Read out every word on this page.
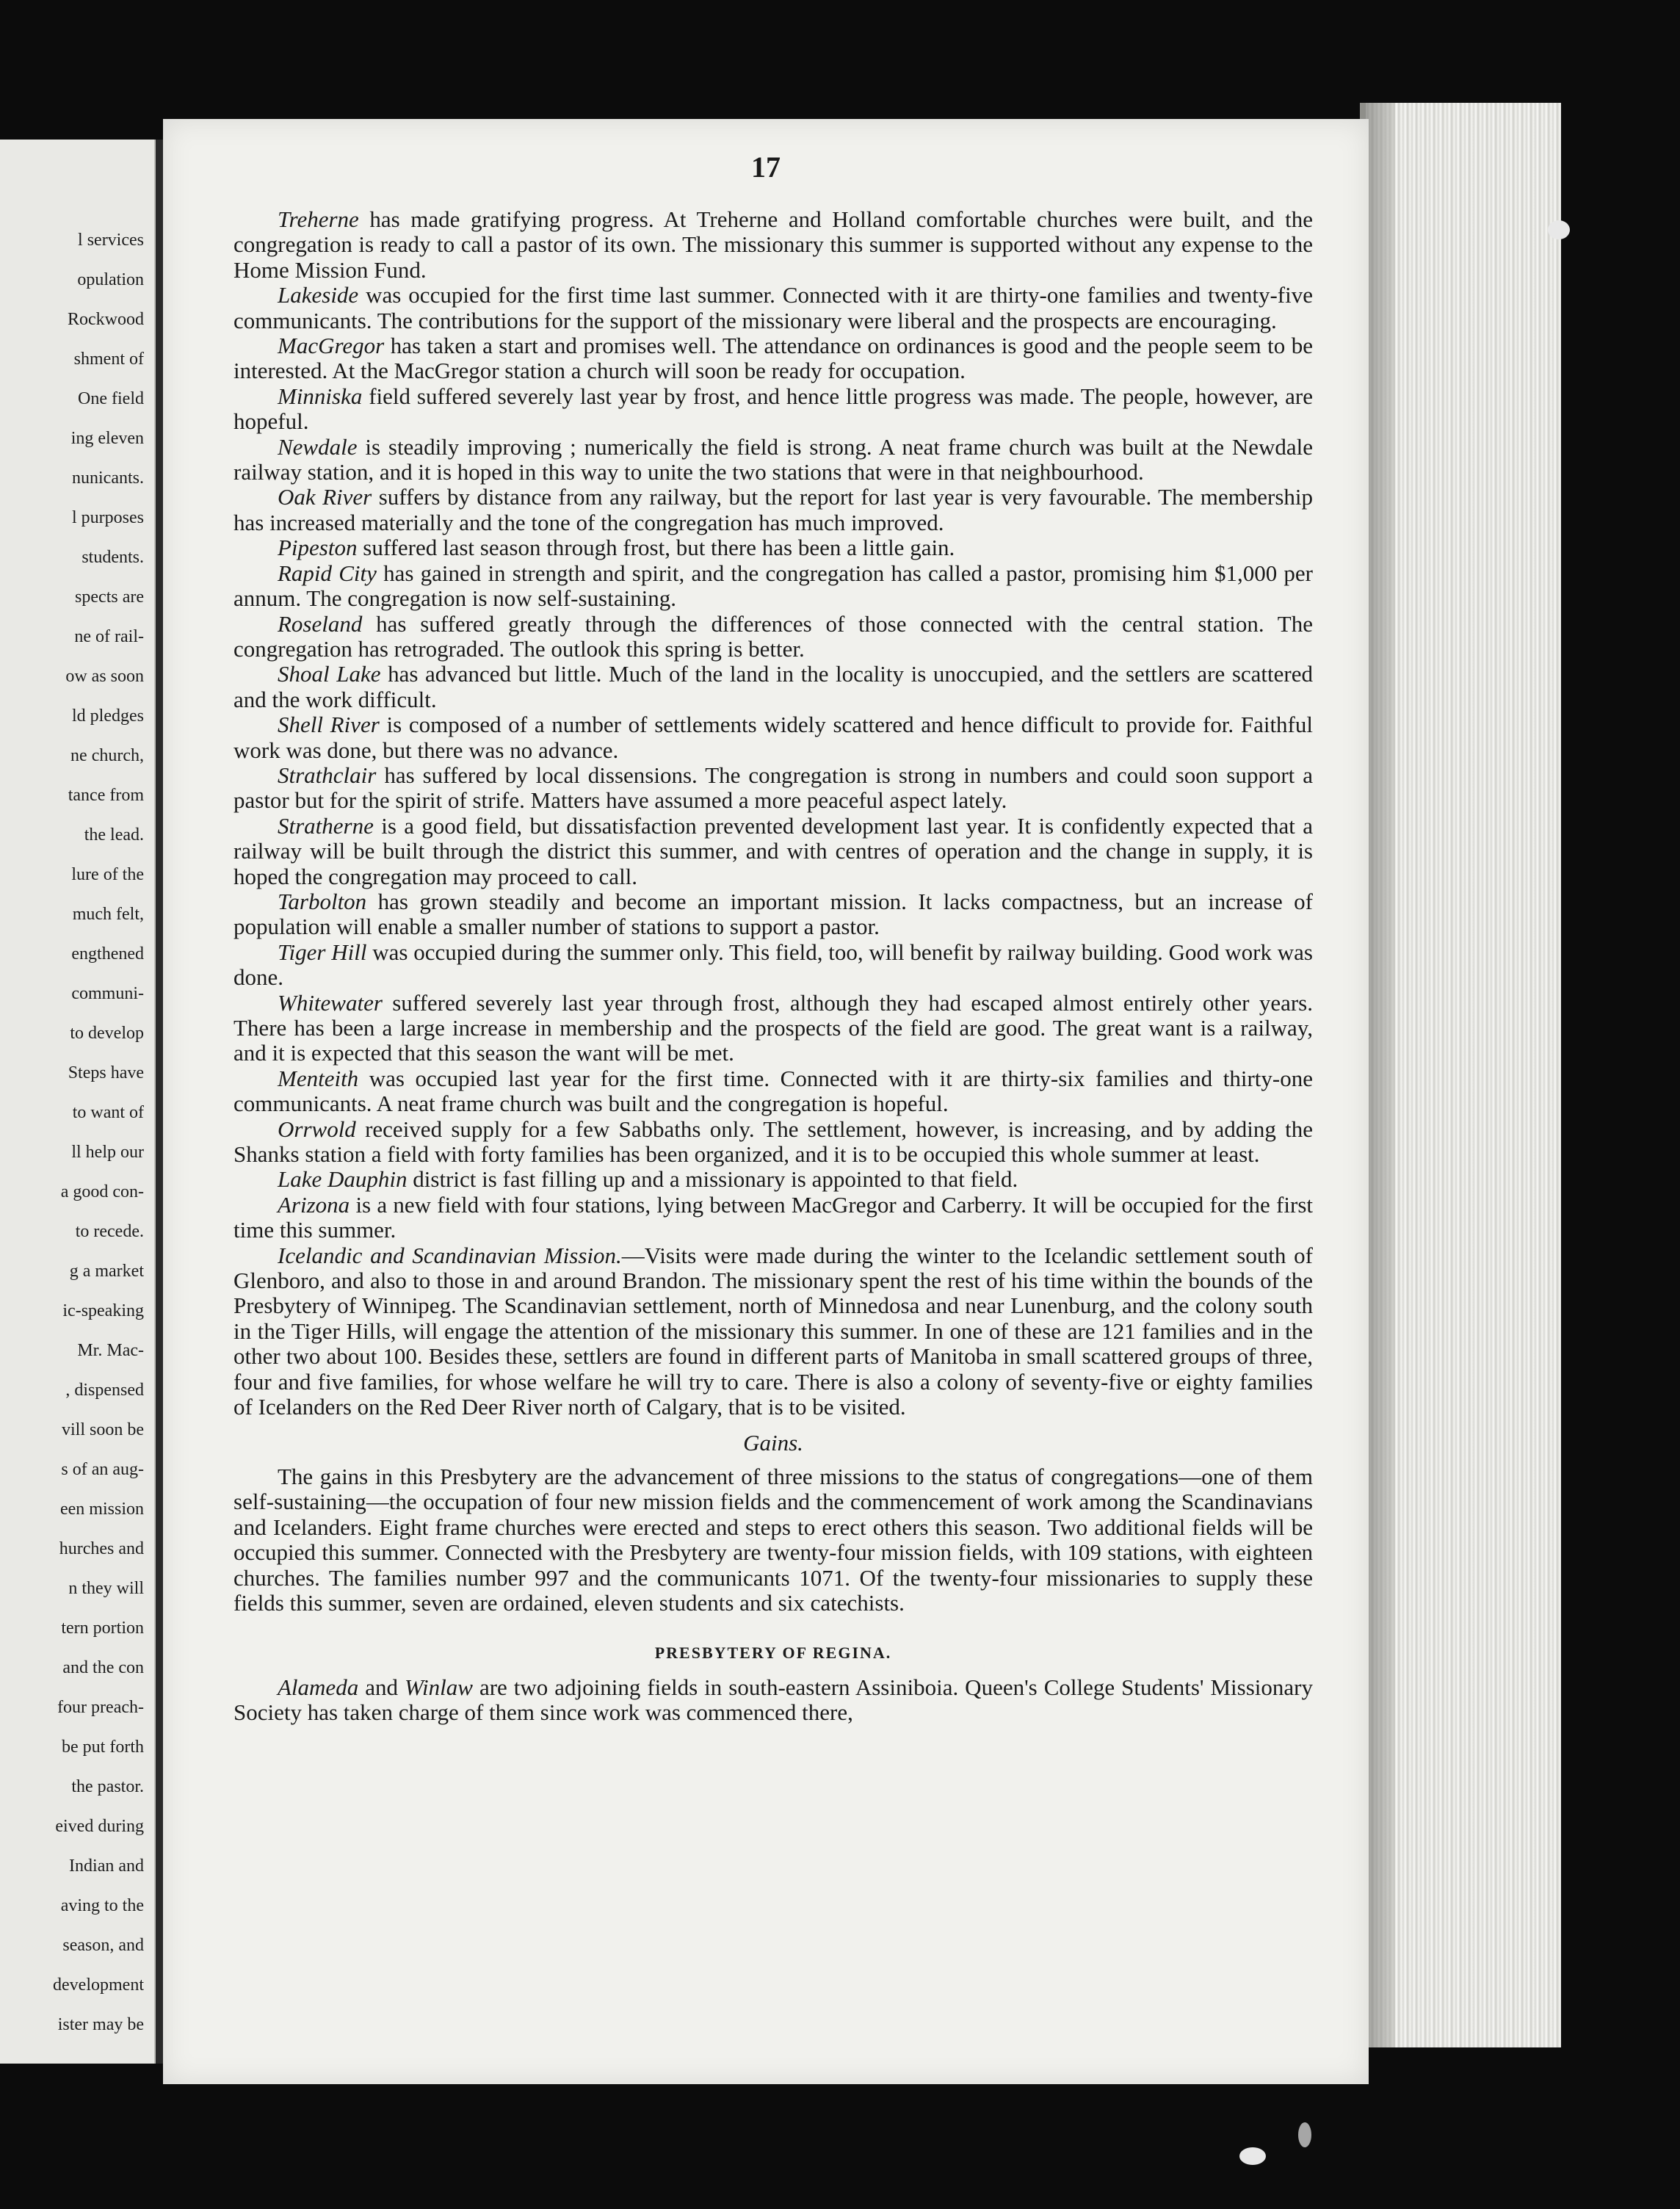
l services
opulation
Rockwood
shment of
One field
ing eleven
nunicants.
l purposes
students.
spects are
ne of rail-
ow as soon
ld pledges
ne church,
tance from
the lead.
lure of the
much felt,
engthened
communi-
to develop
Steps have
to want of
ll help our
a good con-
to recede.
g a market
ic-speaking
Mr. Mac-
, dispensed
vill soon be
s of an aug-
een mission
hurches and
n they will
tern portion
and the con
four preach-
be put forth
the pastor.
eived during
Indian and
aving to the
season, and
development
ister may be
17

Treherne has made gratifying progress. At Treherne and Holland comfortable churches were built, and the congregation is ready to call a pastor of its own. The missionary this summer is supported without any expense to the Home Mission Fund.

Lakeside was occupied for the first time last summer. Connected with it are thirty-one families and twenty-five communicants. The contributions for the support of the missionary were liberal and the prospects are encouraging.

MacGregor has taken a start and promises well. The attendance on ordinances is good and the people seem to be interested. At the MacGregor station a church will soon be ready for occupation.

Minniska field suffered severely last year by frost, and hence little progress was made. The people, however, are hopeful.

Newdale is steadily improving ; numerically the field is strong. A neat frame church was built at the Newdale railway station, and it is hoped in this way to unite the two stations that were in that neighbourhood.

Oak River suffers by distance from any railway, but the report for last year is very favourable. The membership has increased materially and the tone of the congregation has much improved.

Pipeston suffered last season through frost, but there has been a little gain.

Rapid City has gained in strength and spirit, and the congregation has called a pastor, promising him $1,000 per annum. The congregation is now self-sustaining.

Roseland has suffered greatly through the differences of those connected with the central station. The congregation has retrograded. The outlook this spring is better.

Shoal Lake has advanced but little. Much of the land in the locality is unoccupied, and the settlers are scattered and the work difficult.

Shell River is composed of a number of settlements widely scattered and hence difficult to provide for. Faithful work was done, but there was no advance.

Strathclair has suffered by local dissensions. The congregation is strong in numbers and could soon support a pastor but for the spirit of strife. Matters have assumed a more peaceful aspect lately.

Stratherne is a good field, but dissatisfaction prevented development last year. It is confidently expected that a railway will be built through the district this summer, and with centres of operation and the change in supply, it is hoped the congregation may proceed to call.

Tarbolton has grown steadily and become an important mission. It lacks compactness, but an increase of population will enable a smaller number of stations to support a pastor.

Tiger Hill was occupied during the summer only. This field, too, will benefit by railway building. Good work was done.

Whitewater suffered severely last year through frost, although they had escaped almost entirely other years. There has been a large increase in membership and the prospects of the field are good. The great want is a railway, and it is expected that this season the want will be met.

Menteith was occupied last year for the first time. Connected with it are thirty-six families and thirty-one communicants. A neat frame church was built and the congregation is hopeful.

Orrwold received supply for a few Sabbaths only. The settlement, however, is increasing, and by adding the Shanks station a field with forty families has been organized, and it is to be occupied this whole summer at least.

Lake Dauphin district is fast filling up and a missionary is appointed to that field.

Arizona is a new field with four stations, lying between MacGregor and Carberry. It will be occupied for the first time this summer.

Icelandic and Scandinavian Mission.—Visits were made during the winter to the Icelandic settlement south of Glenboro, and also to those in and around Brandon. The missionary spent the rest of his time within the bounds of the Presbytery of Winnipeg. The Scandinavian settlement, north of Minnedosa and near Lunenburg, and the colony south in the Tiger Hills, will engage the attention of the missionary this summer. In one of these are 121 families and in the other two about 100. Besides these, settlers are found in different parts of Manitoba in small scattered groups of three, four and five families, for whose welfare he will try to care. There is also a colony of seventy-five or eighty families of Icelanders on the Red Deer River north of Calgary, that is to be visited.

Gains.

The gains in this Presbytery are the advancement of three missions to the status of congregations—one of them self-sustaining—the occupation of four new mission fields and the commencement of work among the Scandinavians and Icelanders. Eight frame churches were erected and steps to erect others this season. Two additional fields will be occupied this summer. Connected with the Presbytery are twenty-four mission fields, with 109 stations, with eighteen churches. The families number 997 and the communicants 1071. Of the twenty-four missionaries to supply these fields this summer, seven are ordained, eleven students and six catechists.

PRESBYTERY OF REGINA.

Alameda and Winlaw are two adjoining fields in south-eastern Assiniboia. Queen's College Students' Missionary Society has taken charge of them since work was commenced there,
